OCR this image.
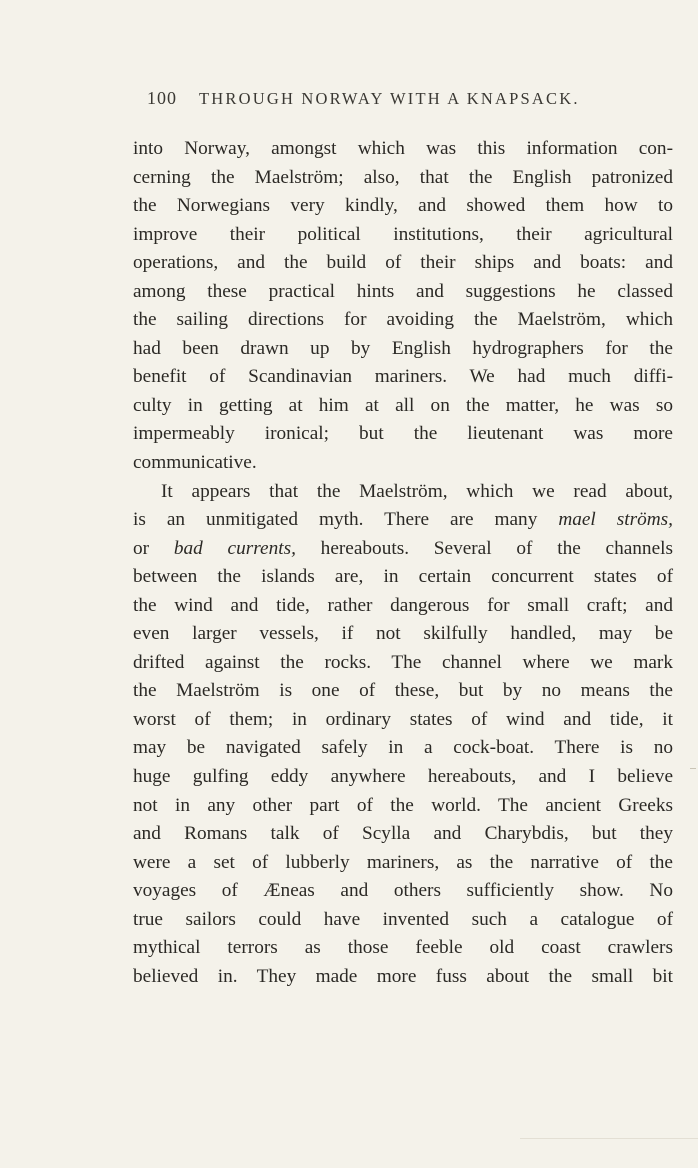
100 THROUGH NORWAY WITH A KNAPSACK.
into Norway, amongst which was this information con-
cerning the Maelström; also, that the English patronized
the Norwegians very kindly, and showed them how to
improve their political institutions, their agricultural
operations, and the build of their ships and boats: and
among these practical hints and suggestions he classed
the sailing directions for avoiding the Maelström, which
had been drawn up by English hydrographers for the
benefit of Scandinavian mariners. We had much diffi-
culty in getting at him at all on the matter, he was so
impermeably ironical; but the lieutenant was more
communicative.
It appears that the Maelström, which we read about,
is an unmitigated myth. There are many mael ströms,
or bad currents, hereabouts. Several of the channels
between the islands are, in certain concurrent states of
the wind and tide, rather dangerous for small craft; and
even larger vessels, if not skilfully handled, may be
drifted against the rocks. The channel where we mark
the Maelström is one of these, but by no means the
worst of them; in ordinary states of wind and tide, it
may be navigated safely in a cock-boat. There is no
huge gulfing eddy anywhere hereabouts, and I believe
not in any other part of the world. The ancient Greeks
and Romans talk of Scylla and Charybdis, but they
were a set of lubberly mariners, as the narrative of the
voyages of Æneas and others sufficiently show. No
true sailors could have invented such a catalogue of
mythical terrors as those feeble old coast crawlers
believed in. They made more fuss about the small bit
